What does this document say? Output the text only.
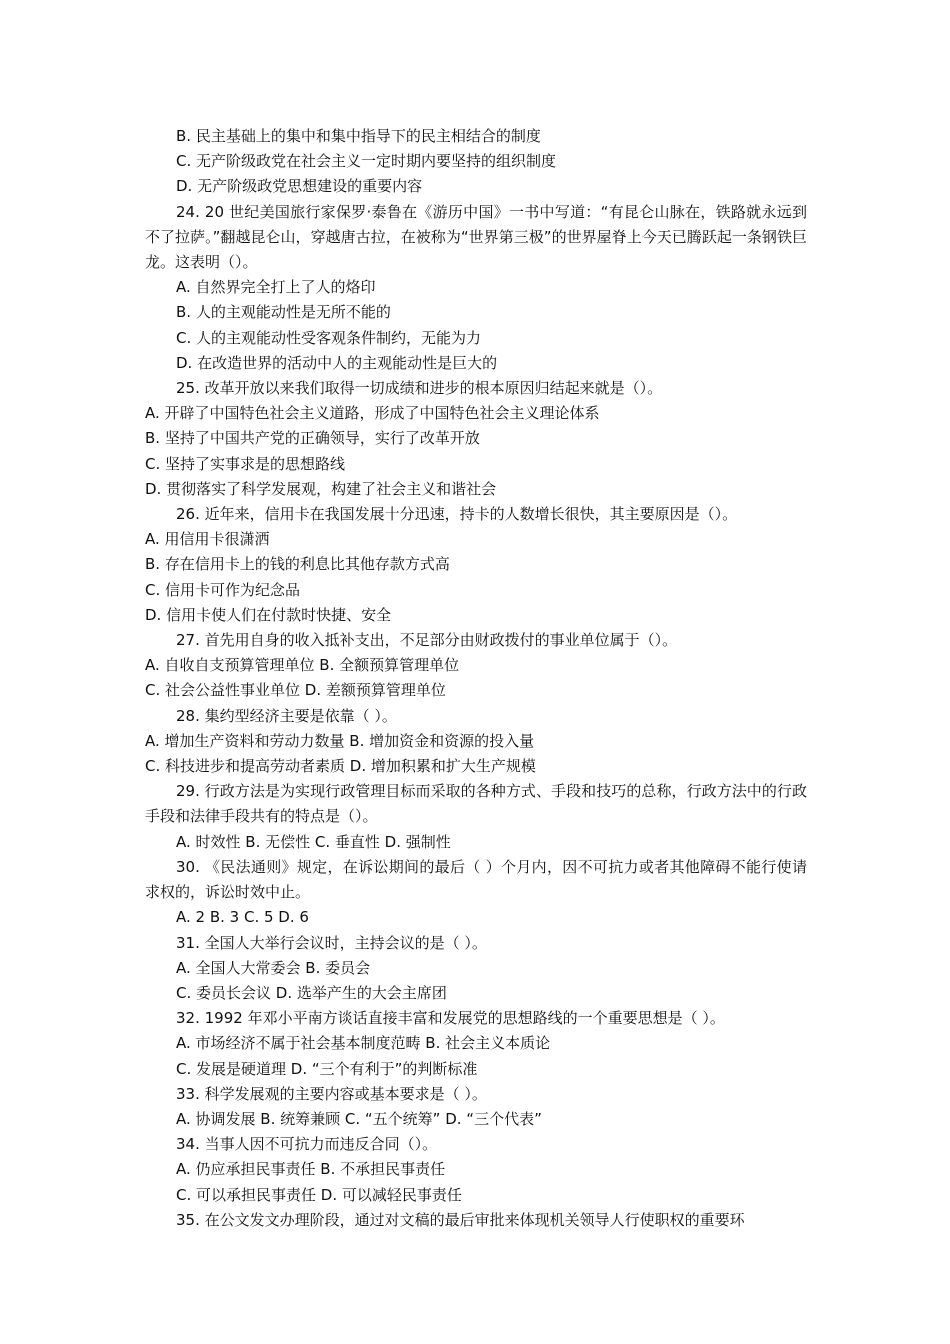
B. 民主基础上的集中和集中指导下的民主相结合的制度

C. 无产阶级政党在社会主义一定时期内要坚持的组织制度

D. 无产阶级政党思想建设的重要内容

24. 20 世纪美国旅行家保罗·泰鲁在《游历中国》一书中写道：“有昆仑山脉在，铁路就永远到不了拉萨。”翻越昆仑山，穿越唐古拉，在被称为“世界第三极”的世界屋脊上今天已腾跃起一条钢铁巨龙。这表明（）。

A. 自然界完全打上了人的烙印

B. 人的主观能动性是无所不能的

C. 人的主观能动性受客观条件制约，无能为力

D. 在改造世界的活动中人的主观能动性是巨大的

25. 改革开放以来我们取得一切成绩和进步的根本原因归结起来就是（）。

A. 开辟了中国特色社会主义道路，形成了中国特色社会主义理论体系

B. 坚持了中国共产党的正确领导，实行了改革开放

C. 坚持了实事求是的思想路线

D. 贯彻落实了科学发展观，构建了社会主义和谐社会

26. 近年来，信用卡在我国发展十分迅速，持卡的人数增长很快，其主要原因是（）。

A. 用信用卡很潇洒

B. 存在信用卡上的钱的利息比其他存款方式高

C. 信用卡可作为纪念品

D. 信用卡使人们在付款时快捷、安全

27. 首先用自身的收入抵补支出，不足部分由财政拨付的事业单位属于（）。

A. 自收自支预算管理单位 B. 全额预算管理单位

C. 社会公益性事业单位 D. 差额预算管理单位

28. 集约型经济主要是依靠（ ）。

A. 增加生产资料和劳动力数量 B. 增加资金和资源的投入量

C. 科技进步和提高劳动者素质 D. 增加积累和扩大生产规模

29. 行政方法是为实现行政管理目标而采取的各种方式、手段和技巧的总称，行政方法中的行政手段和法律手段共有的特点是（）。

A. 时效性 B. 无偿性 C. 垂直性 D. 强制性

30. 《民法通则》规定，在诉讼期间的最后（ ）个月内，因不可抗力或者其他障碍不能行使请求权的，诉讼时效中止。

A. 2 B. 3 C. 5 D. 6

31. 全国人大举行会议时，主持会议的是（ ）。

A. 全国人大常委会 B. 委员会

C. 委员长会议 D. 选举产生的大会主席团

32. 1992 年邓小平南方谈话直接丰富和发展党的思想路线的一个重要思想是（ ）。

A. 市场经济不属于社会基本制度范畴 B. 社会主义本质论

C. 发展是硬道理 D. “三个有利于”的判断标准

33. 科学发展观的主要内容或基本要求是（ ）。

A. 协调发展 B. 统筹兼顾 C. “五个统筹” D. “三个代表”

34. 当事人因不可抗力而违反合同（）。

A. 仍应承担民事责任 B. 不承担民事责任

C. 可以承担民事责任 D. 可以减轻民事责任

35. 在公文发文办理阶段，通过对文稿的最后审批来体现机关领导人行使职权的重要环
